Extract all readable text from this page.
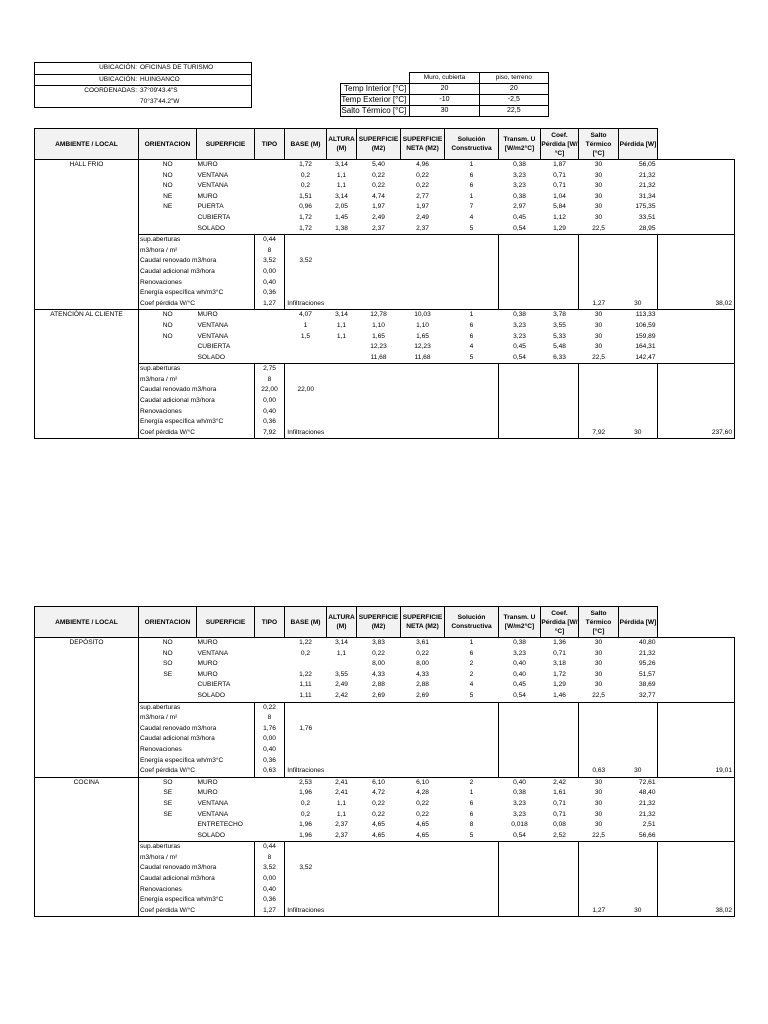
UBICACIÓN:	OFICINAS DE TURISMO
UBICACIÓN:	HUINGANCO
COORDENADAS:	37°09'43.4"S
	70°37'44.2"W
	Muro, cubierta	piso, terreno
Temp Interior [°C]	20	20
Temp Exterior [°C]	-10	-2,5
Salto Térmico [°C]	30	22,5
AMBIENTE / LOCAL	ORIENTACION	SUPERFICIE	TIPO	BASE (M)	ALTURA (M)	SUPERFICIE (M2)	SUPERFICIE NETA (M2)	Solución Constructiva	Transm. U [W/m2°C]	Coef. Pérdida [W/°C]	Salto Térmico [°C]	Pérdida [W]	
HALL FRIO	NO	MURO		1,72	3,14	5,40	4,96	1	0,38	1,87	30	56,05	
	NO	VENTANA		0,2	1,1	0,22	0,22	6	3,23	0,71	30	21,32	
	NO	VENTANA		0,2	1,1	0,22	0,22	6	3,23	0,71	30	21,32	
	NE	MURO		1,51	3,14	4,74	2,77	1	0,38	1,04	30	31,34	
	NE	PUERTA		0,96	2,05	1,97	1,97	7	2,97	5,84	30	175,35	
		CUBIERTA		1,72	1,45	2,49	2,49	4	0,45	1,12	30	33,51	
		SOLADO		1,72	1,38	2,37	2,37	5	0,54	1,29	22,5	28,95	
	sup.aberturas		0,44										
	m3/hora / m²		8										
	Caudal renovado m3/hora		3,52	3,52									
	Caudal adicional m3/hora		0,00										
	Renovaciones		0,40										
	Energía específica wh/m3°C		0,36										
	Coef pérdida W/°C		1,27	Infiltraciones							1,27	30	38,02
ATENCIÓN AL CLIENTE	NO	MURO		4,07	3,14	12,78	10,03	1	0,38	3,78	30	113,33	
	NO	VENTANA		1	1,1	1,10	1,10	6	3,23	3,55	30	106,59	
	NO	VENTANA		1,5	1,1	1,65	1,65	6	3,23	5,33	30	159,89	
		CUBIERTA				12,23	12,23	4	0,45	5,48	30	164,31	
		SOLADO				11,68	11,68	5	0,54	6,33	22,5	142,47	
	sup.aberturas		2,75										
	m3/hora / m²		8										
	Caudal renovado m3/hora		22,00	22,00									
	Caudal adicional m3/hora		0,00										
	Renovaciones		0,40										
	Energía específica wh/m3°C		0,36										
	Coef pérdida W/°C		7,92	Infiltraciones							7,92	30	237,60
AMBIENTE / LOCAL	ORIENTACION	SUPERFICIE	TIPO	BASE (M)	ALTURA (M)	SUPERFICIE (M2)	SUPERFICIE NETA (M2)	Solución Constructiva	Transm. U [W/m2°C]	Coef. Pérdida [W/°C]	Salto Térmico [°C]	Pérdida [W]	
DEPÓSITO	NO	MURO		1,22	3,14	3,83	3,61	1	0,38	1,36	30	40,80	
	NO	VENTANA		0,2	1,1	0,22	0,22	6	3,23	0,71	30	21,32	
	SO	MURO				8,00	8,00	2	0,40	3,18	30	95,26	
	SE	MURO		1,22	3,55	4,33	4,33	2	0,40	1,72	30	51,57	
		CUBIERTA		1,11	2,49	2,88	2,88	4	0,45	1,29	30	38,69	
		SOLADO		1,11	2,42	2,69	2,69	5	0,54	1,46	22,5	32,77	
	sup.aberturas		0,22										
	m3/hora / m²		8										
	Caudal renovado m3/hora		1,76	1,76									
	Caudal adicional m3/hora		0,00										
	Renovaciones		0,40										
	Energía específica wh/m3°C		0,36										
	Coef pérdida W/°C		0,63	Infiltraciones							0,63	30	19,01
COCINA	SO	MURO		2,53	2,41	6,10	6,10	2	0,40	2,42	30	72,61	
	SE	MURO		1,96	2,41	4,72	4,28	1	0,38	1,61	30	48,40	
	SE	VENTANA		0,2	1,1	0,22	0,22	6	3,23	0,71	30	21,32	
	SE	VENTANA		0,2	1,1	0,22	0,22	6	3,23	0,71	30	21,32	
		ENTRETECHO		1,96	2,37	4,65	4,65	8	0,018	0,08	30	2,51	
		SOLADO		1,96	2,37	4,65	4,65	5	0,54	2,52	22,5	56,66	
	sup.aberturas		0,44										
	m3/hora / m²		8										
	Caudal renovado m3/hora		3,52	3,52									
	Caudal adicional m3/hora		0,00										
	Renovaciones		0,40										
	Energía específica wh/m3°C		0,36										
	Coef pérdida W/°C		1,27	Infiltraciones							1,27	30	38,02
